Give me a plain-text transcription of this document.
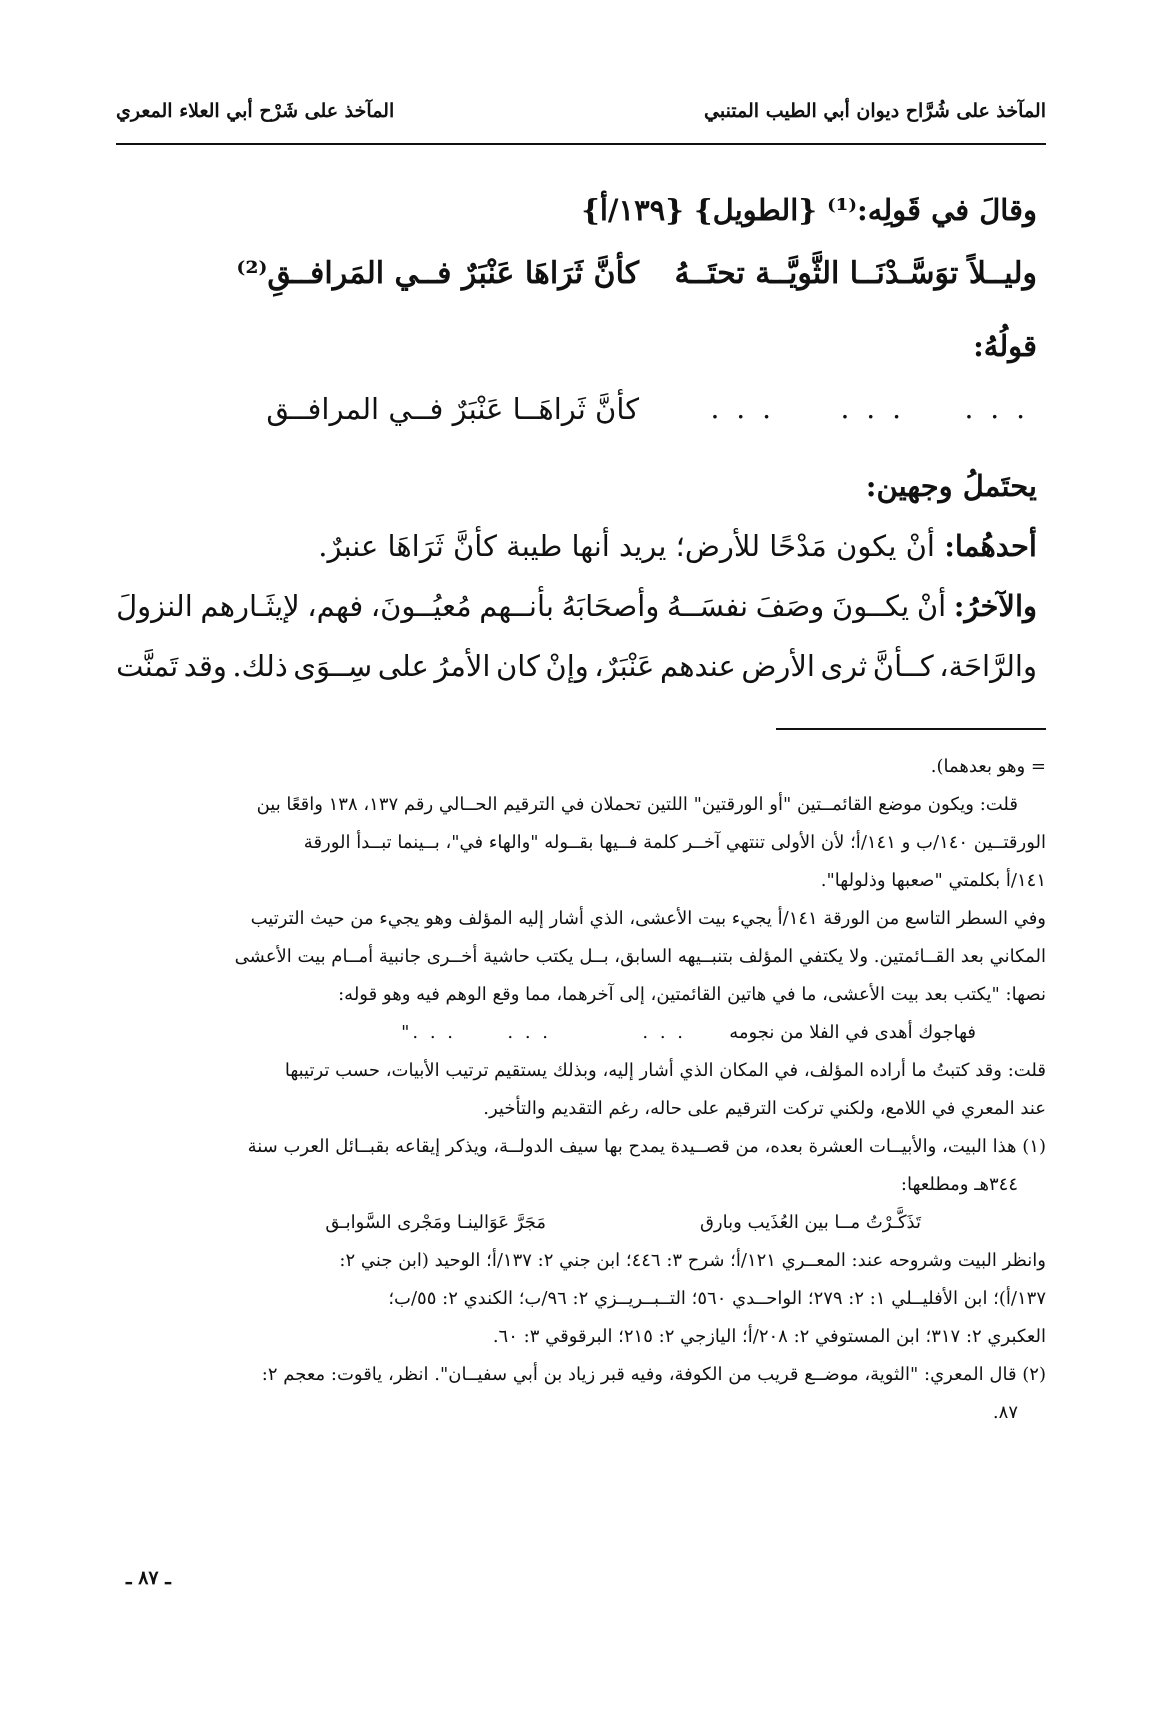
المآخذ على شُرَّاح ديوان أبي الطيب المتنبي
المآخذ على شَرْح أبي العلاء المعري
وقالَ في قَولِه:⁽¹⁾ {الطويل} {١٣٩/أ}
وليــلاً توَسَّـدْنَــا الثَّويَّــة تحتَــهُ
كأنَّ ثَرَاهَا عَنْبَرٌ فــي المَرافــقِ⁽²⁾
قولُهُ:
. . .
. . .
. . .
كأنَّ ثَراهَــا عَنْبَرٌ فــي المرافــق
يحتَملُ وجهين:
أحدهُما: أنْ يكون مَدْحًا للأرض؛ يريد أنها طيبة كأنَّ ثَرَاهَا عنبرٌ.
والآخرُ:
أنْ
يكــونَ
وصَفَ
نفسَــهُ
وأصحَابَهُ
بأنــهم
مُعيُــونَ،
فهم،
لإيثَـارهم
النزولَ
والرَّاحَة،
كــأنَّ
ثرى
الأرض
عندهم
عَنْبَرٌ،
وإنْ
كان
الأمرُ
على
سِــوَى
ذلك.
وقد
تَمنَّت
= وهو بعدهما).
قلت: ويكون موضع القائمــتين "أو الورقتين" اللتين تحملان في الترقيم الحــالي رقم ١٣٧، ١٣٨ واقعًا بين
الورقتــين ١٤٠/ب و ١٤١/أ؛ لأن الأولى تنتهي آخــر كلمة فــيها بقــوله "والهاء في"، بــينما تبــدأ الورقة
١٤١/أ بكلمتي "صعبها وذلولها".
وفي السطر التاسع من الورقة ١٤١/أ يجيء بيت الأعشى، الذي أشار إليه المؤلف وهو يجيء من حيث الترتيب
المكاني بعد القــائمتين. ولا يكتفي المؤلف بتنبــيهه السابق، بــل يكتب حاشية أخــرى جانبية أمــام بيت الأعشى
نصها: "يكتب بعد بيت الأعشى، ما في هاتين القائمتين، إلى آخرهما، مما وقع الوهم فيه وهو قوله:
فهاجوك أهدى في الفلا من نجومه
. . .
. . .
. . ."
قلت: وقد كتبتُ ما أراده المؤلف، في المكان الذي أشار إليه، وبذلك يستقيم ترتيب الأبيات، حسب ترتيبها
عند المعري في اللامع، ولكني تركت الترقيم على حاله، رغم التقديم والتأخير.
(١) هذا البيت، والأبيــات العشرة بعده، من قصــيدة يمدح بها سيف الدولــة، ويذكر إيقاعه بقبــائل العرب سنة
٣٤٤هـ ومطلعها:
تَذَكَّـرْتُ مــا بين العُذَيب وبارق
مَجَرَّ عَوَالينـا ومَجْرى السَّوابـق
وانظر البيت وشروحه عند: المعــري ١٢١/أ؛ شرح ٣: ٤٤٦؛ ابن جني ٢: ١٣٧/أ؛ الوحيد (ابن جني ٢:
١٣٧/أ)؛ ابن الأفليــلي ١: ٢: ٢٧٩؛ الواحــدي ٥٦٠؛ التــبــريــزي ٢: ٩٦/ب؛ الكندي ٢: ٥٥/ب؛
العكبري ٢: ٣١٧؛ ابن المستوفي ٢: ٢٠٨/أ؛ اليازجي ٢: ٢١٥؛ البرقوقي ٣: ٦٠.
(٢) قال المعري: "الثوية، موضــع قريب من الكوفة، وفيه قبر زياد بن أبي سفيــان". انظر، ياقوت: معجم ٢:
٨٧.
ـ ٨٧ ـ
